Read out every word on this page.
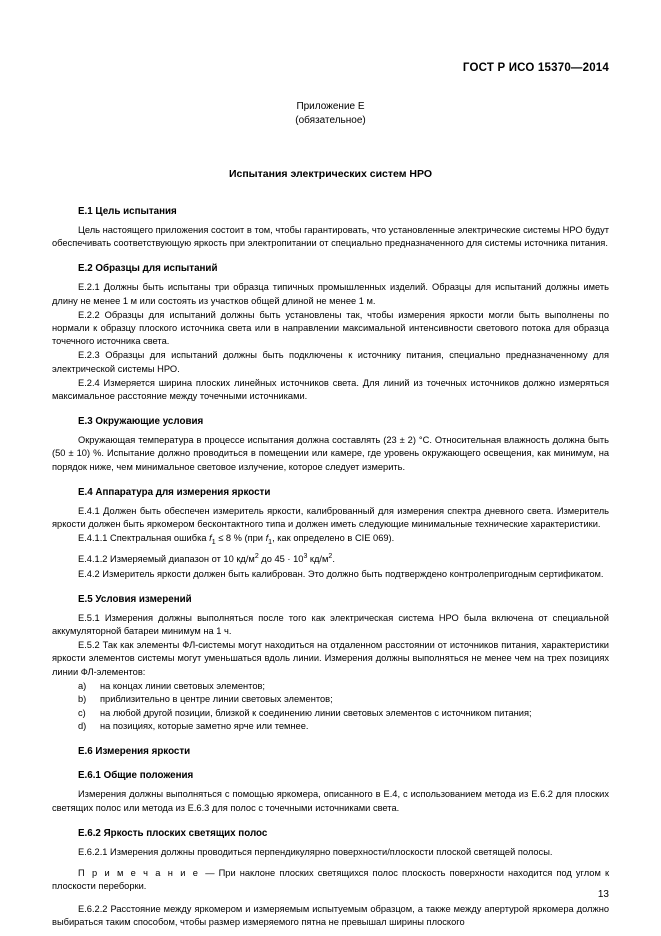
ГОСТ Р ИСО 15370—2014
Приложение Е
(обязательное)
Испытания электрических систем НРО
Е.1 Цель испытания

Цель настоящего приложения состоит в том, чтобы гарантировать, что установленные электрические системы НРО будут обеспечивать соответствующую яркость при электропитании от специально предназначенного для системы источника питания.

Е.2 Образцы для испытаний

Е.2.1 Должны быть испытаны три образца типичных промышленных изделий. Образцы для испытаний должны иметь длину не менее 1 м или состоять из участков общей длиной не менее 1 м.

Е.2.2 Образцы для испытаний должны быть установлены так, чтобы измерения яркости могли быть выполнены по нормали к образцу плоского источника света или в направлении максимальной интенсивности светового потока для образца точечного источника света.

Е.2.3 Образцы для испытаний должны быть подключены к источнику питания, специально предназначенному для электрической системы НРО.

Е.2.4 Измеряется ширина плоских линейных источников света. Для линий из точечных источников должно измеряться максимальное расстояние между точечными источниками.

Е.3 Окружающие условия

Окружающая температура в процессе испытания должна составлять (23 ± 2) °С. Относительная влажность должна быть (50 ± 10) %. Испытание должно проводиться в помещении или камере, где уровень окружающего освещения, как минимум, на порядок ниже, чем минимальное световое излучение, которое следует измерить.

Е.4 Аппаратура для измерения яркости

Е.4.1 Должен быть обеспечен измеритель яркости, калиброванный для измерения спектра дневного света. Измеритель яркости должен быть яркомером бесконтактного типа и должен иметь следующие минимальные технические характеристики.

Е.4.1.1 Спектральная ошибка $f_1 \le 8$ % (при $f_1$, как определено в CIE 069).

Е.4.1.2 Измеряемый диапазон от 10 $кд/м^2$ до $45 \cdot 10^3$ $кд/м^2$.

Е.4.2 Измеритель яркости должен быть калиброван. Это должно быть подтверждено контролепригодным сертификатом.

Е.5 Условия измерений

Е.5.1 Измерения должны выполняться после того как электрическая система НРО была включена от специальной аккумуляторной батареи минимум на 1 ч.

Е.5.2 Так как элементы ФЛ-системы могут находиться на отдаленном расстоянии от источников питания, характеристики яркости элементов системы могут уменьшаться вдоль линии. Измерения должны выполняться не менее чем на трех позициях линии ФЛ-элементов:

a) на концах линии световых элементов;
b) приблизительно в центре линии световых элементов;
c) на любой другой позиции, близкой к соединению линии световых элементов с источником питания;
d) на позициях, которые заметно ярче или темнее.
Е.6 Измерения яркости
Е.6.1 Общие положения

Измерения должны выполняться с помощью яркомера, описанного в Е.4, с использованием метода из Е.6.2 для плоских светящих полос или метода из Е.6.3 для полос с точечными источниками света.

Е.6.2 Яркость плоских светящих полос

Е.6.2.1 Измерения должны проводиться перпендикулярно поверхности/плоскости плоской светящей полосы.

П р и м е ч а н и е — При наклоне плоских светящихся полос плоскость поверхности находится под углом к плоскости переборки.

Е.6.2.2 Расстояние между яркомером и измеряемым испытуемым образцом, а также между апертурой яркомера должно выбираться таким способом, чтобы размер измеряемого пятна не превышал ширины плоского

13
